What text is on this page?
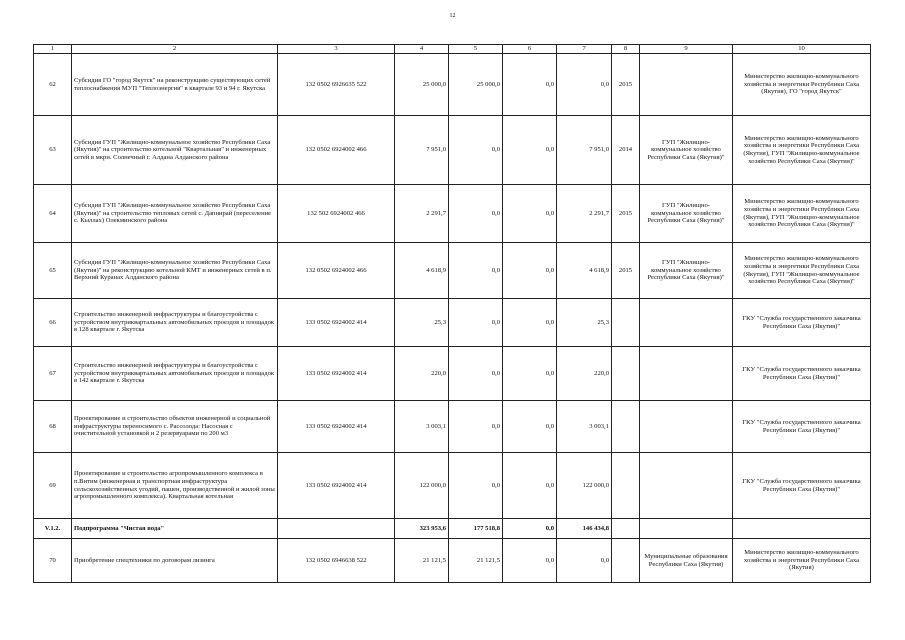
12
1	2	3	4	5	6	7	8	9	10
62	Субсидия ГО "город Якутск" на реконструкцию существующих сетей теплоснабжения МУП "Теплоэнергия" в квартале 93 и 94 г. Якутска	132 0502 6926635 522	25 000,0	25 000,0	0,0	0,0	2015		Министерство жилищно-коммунального хозяйства и энергетики Республики Саха (Якутия), ГО "город Якутск"
63	Субсидия ГУП "Жилищно-коммунальное хозяйство Республики Саха (Якутия)" на строительство котельной "Квартальная" и инженерных сетей в мкрн. Солнечный г. Алдана Алданского района	132 0502 6924002 466	7 951,0	0,0	0,0	7 951,0	2014	ГУП "Жилищно-коммунальное хозяйство Республики Саха (Якутия)"	Министерство жилищно-коммунального хозяйства и энергетики Республики Саха (Якутия), ГУП "Жилищно-коммунальное хозяйство Республики Саха (Якутия)"
64	Субсидия ГУП "Жилищно-коммунальное хозяйство Республики Саха (Якутия)" на строительство тепловых сетей с. Дапнирай (переселение с. Кыллах) Олекминского района	132 502 6924002 466	2 291,7	0,0	0,0	2 291,7	2015	ГУП "Жилищно-коммунальное хозяйство Республики Саха (Якутия)"	Министерство жилищно-коммунального хозяйства и энергетики Республики Саха (Якутия), ГУП "Жилищно-коммунальное хозяйство Республики Саха (Якутия)"
65	Субсидия ГУП "Жилищно-коммунальное хозяйство Республики Саха (Якутия)" на реконструкцию котельной КМТ и инженерных сетей в п. Верхний Куранах Алданского района	132 0502 6924002 466	4 618,9	0,0	0,0	4 618,9	2015	ГУП "Жилищно-коммунальное хозяйство Республики Саха (Якутия)"	Министерство жилищно-коммунального хозяйства и энергетики Республики Саха (Якутия), ГУП "Жилищно-коммунальное хозяйство Республики Саха (Якутия)"
66	Строительство инженерной инфраструктуры и благоустройства с устройством внутриквартальных автомобильных проездов и площадок в 128 квартале г. Якутска	133 0502 6924002 414	25,3	0,0	0,0	25,3			ГКУ "Служба государственного заказчика Республики Саха (Якутия)"
67	Строительство инженерной инфраструктуры и благоустройства с устройством внутриквартальных автомобильных проездов и площадок в 142 квартале г. Якутска	133 0502 6924002 414	220,0	0,0	0,0	220,0			ГКУ "Служба государственного заказчика Республики Саха (Якутия)"
68	Проектирование и строительство объектов инженерной и социальной инфраструктуры переносимого с. Рассолода: Насосная с очистительной установкой и 2 резервуарами по 200 м3	133 0502 6924002 414	3 003,1	0,0	0,0	3 003,1			ГКУ "Служба государственного заказчика Республики Саха (Якутия)"
69	Проектирование и строительство агропромышленного комплекса в п.Витим (инженерная и транспортная инфраструктура сельскохозяйственных угодий, пашен, производственной и жилой зоны агропромышленного комплекса). Квартальная котельная	133 0502 6924002 414	122 000,0	0,0	0,0	122 000,0			ГКУ "Служба государственного заказчика Республики Саха (Якутия)"
V.1.2.	Подпрограмма "Чистая вода"		323 953,6	177 518,8	0,0	146 434,8			
70	Приобретение спецтехники по договорам лизинга	132 0502 6946638 522	21 121,5	21 121,5	0,0	0,0		Муниципальные образования Республики Саха (Якутия)	Министерство жилищно-коммунального хозяйства и энергетики Республики Саха (Якутия)
